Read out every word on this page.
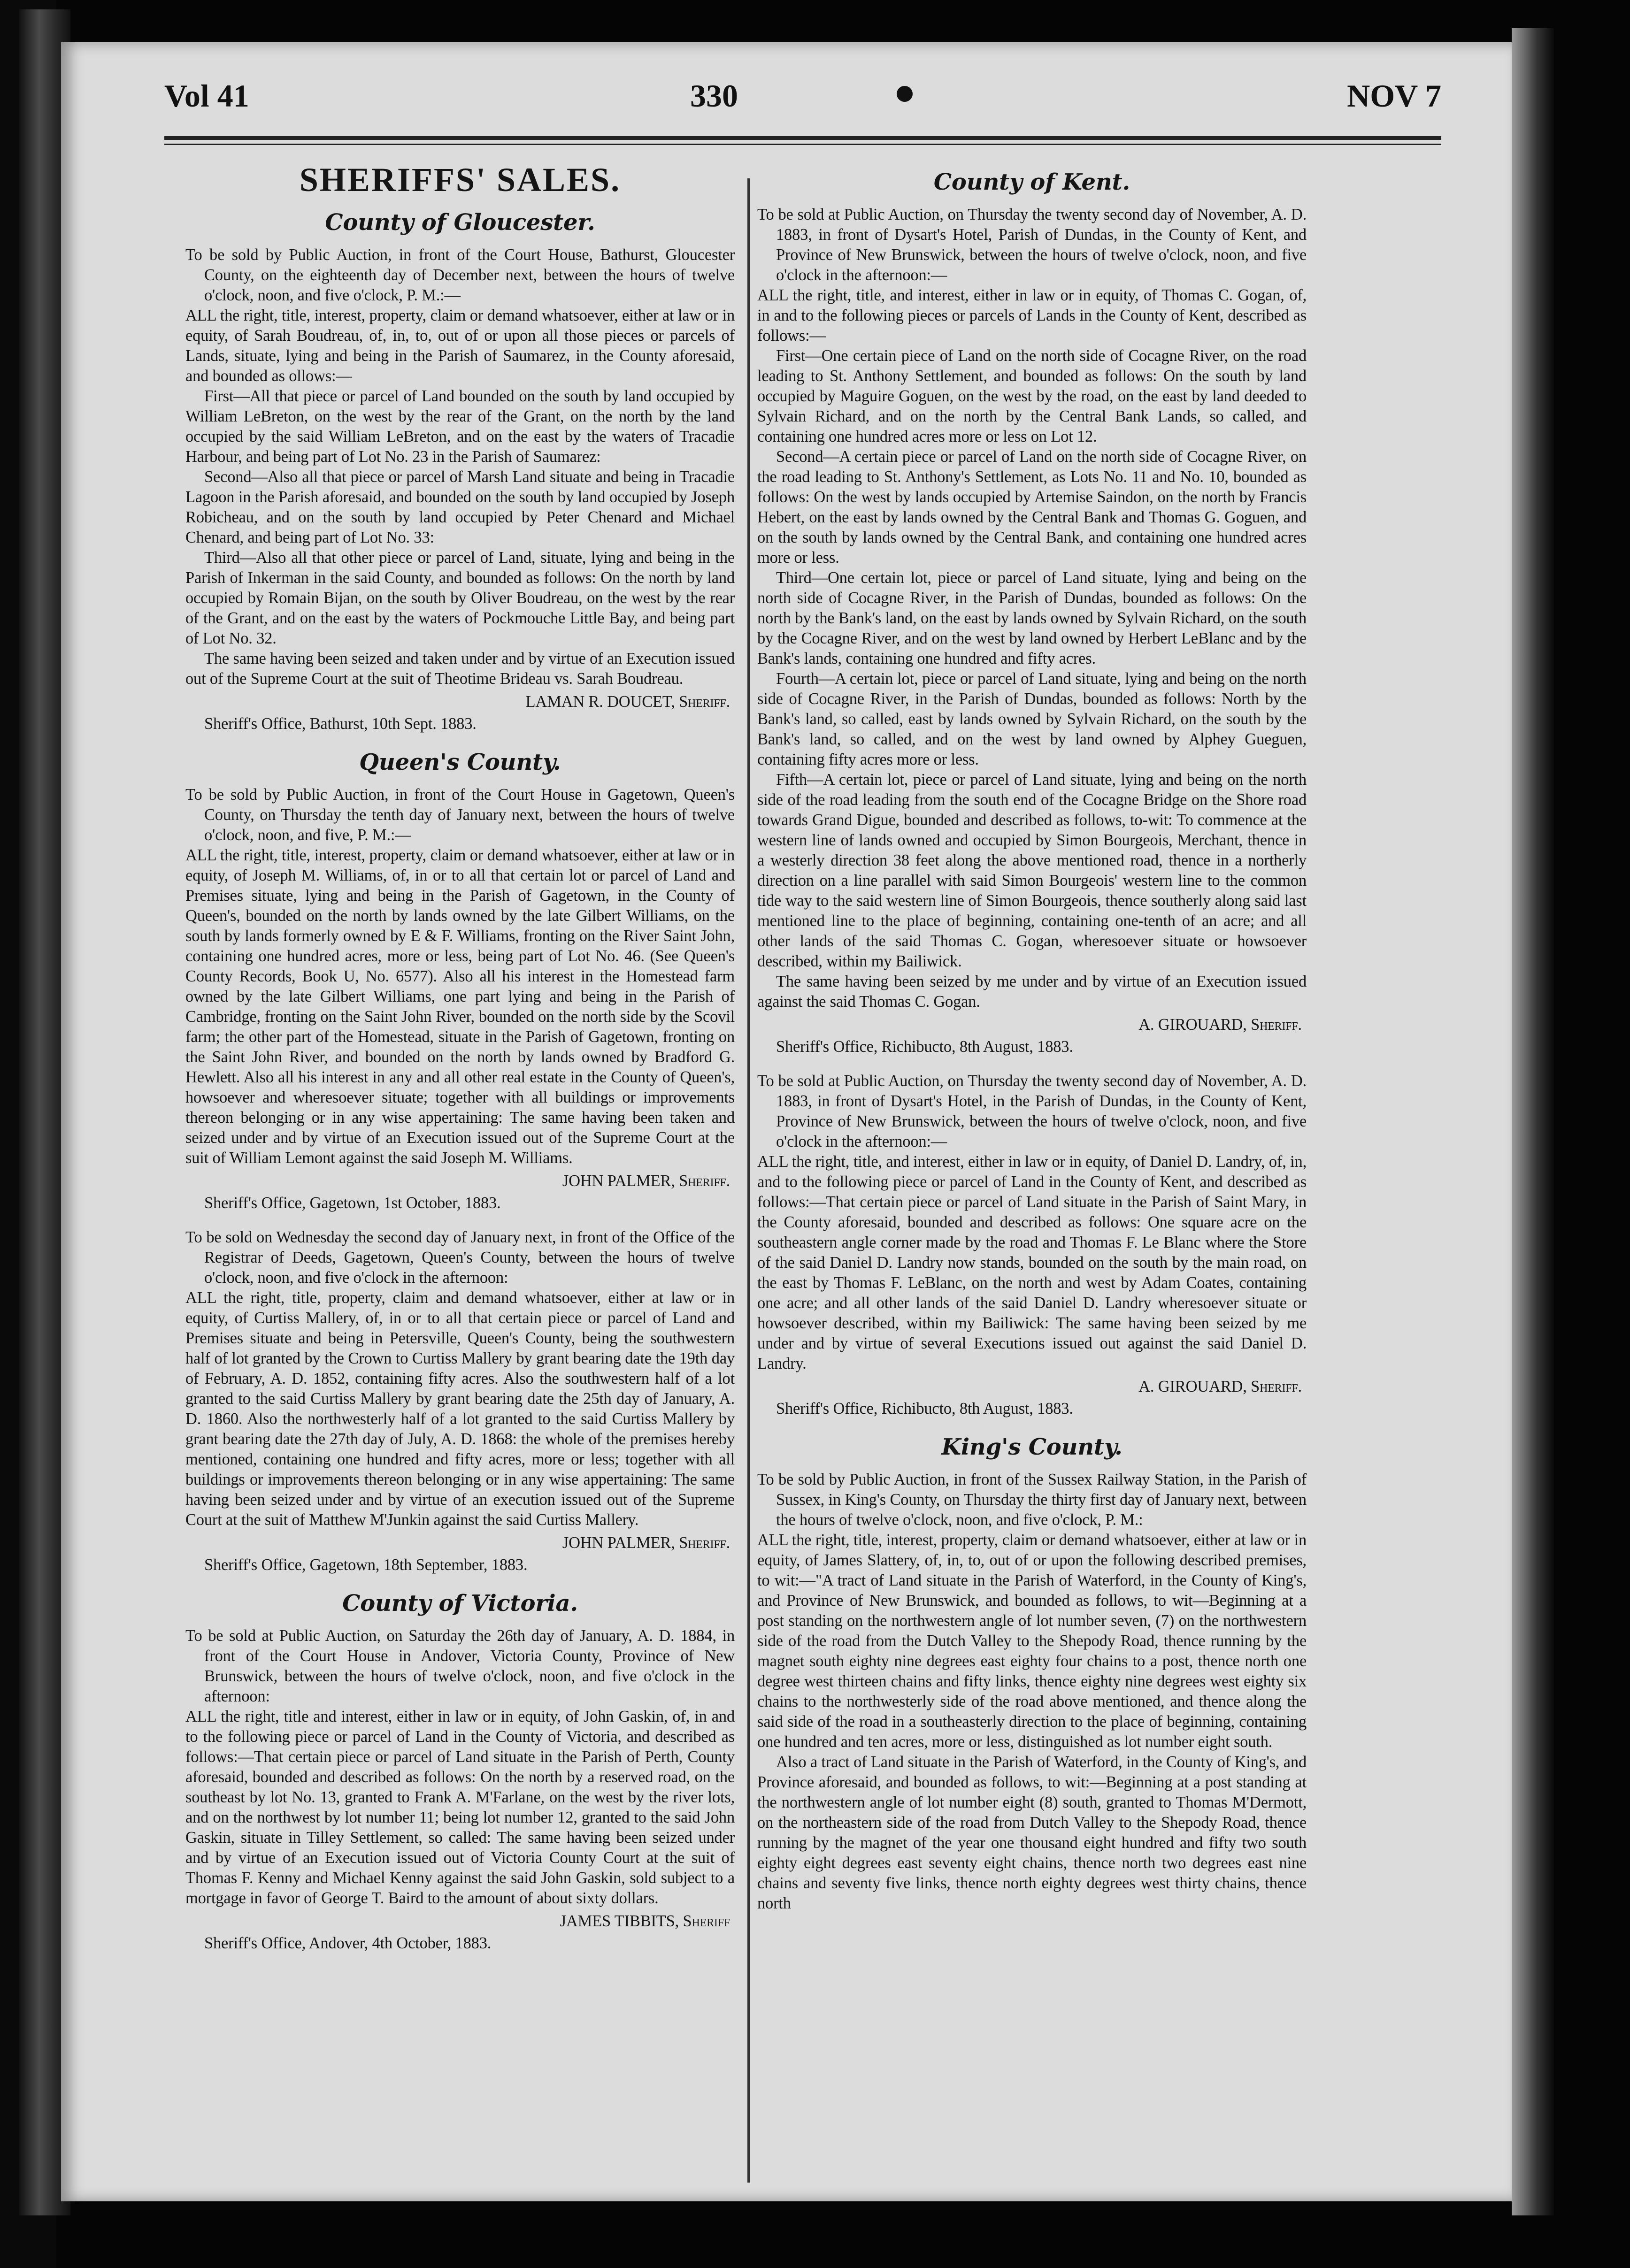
Vol 41	330	NOV 7
SHERIFFS' SALES.
County of Gloucester.

To be sold by Public Auction, in front of the Court House, Bathurst, Gloucester County, on the eighteenth day of December next, between the hours of twelve o'clock, noon, and five o'clock, P. M.:—

ALL the right, title, interest, property, claim or demand whatsoever, either at law or in equity, of Sarah Boudreau, of, in, to, out of or upon all those pieces or parcels of Lands, situate, lying and being in the Parish of Saumarez, in the County aforesaid, and bounded as ollows:—

First—All that piece or parcel of Land bounded on the south by land occupied by William LeBreton, on the west by the rear of the Grant, on the north by the land occupied by the said William LeBreton, and on the east by the waters of Tracadie Harbour, and being part of Lot No. 23 in the Parish of Saumarez:

Second—Also all that piece or parcel of Marsh Land situate and being in Tracadie Lagoon in the Parish aforesaid, and bounded on the south by land occupied by Joseph Robicheau, and on the south by land occupied by Peter Chenard and Michael Chenard, and being part of Lot No. 33:

Third—Also all that other piece or parcel of Land, situate, lying and being in the Parish of Inkerman in the said County, and bounded as follows: On the north by land occupied by Romain Bijan, on the south by Oliver Boudreau, on the west by the rear of the Grant, and on the east by the waters of Pockmouche Little Bay, and being part of Lot No. 32.

The same having been seized and taken under and by virtue of an Execution issued out of the Supreme Court at the suit of Theotime Brideau vs. Sarah Boudreau.

LAMAN R. DOUCET, Sheriff.

Sheriff's Office, Bathurst, 10th Sept. 1883.

Queen's County.

To be sold by Public Auction, in front of the Court House in Gagetown, Queen's County, on Thursday the tenth day of January next, between the hours of twelve o'clock, noon, and five, P. M.:—

ALL the right, title, interest, property, claim or demand whatsoever, either at law or in equity, of Joseph M. Williams, of, in or to all that certain lot or parcel of Land and Premises situate, lying and being in the Parish of Gagetown, in the County of Queen's, bounded on the north by lands owned by the late Gilbert Williams, on the south by lands formerly owned by E & F. Williams, fronting on the River Saint John, containing one hundred acres, more or less, being part of Lot No. 46. (See Queen's County Records, Book U, No. 6577). Also all his interest in the Homestead farm owned by the late Gilbert Williams, one part lying and being in the Parish of Cambridge, fronting on the Saint John River, bounded on the north side by the Scovil farm; the other part of the Homestead, situate in the Parish of Gagetown, fronting on the Saint John River, and bounded on the north by lands owned by Bradford G. Hewlett. Also all his interest in any and all other real estate in the County of Queen's, howsoever and wheresoever situate; together with all buildings or improvements thereon belonging or in any wise appertaining: The same having been taken and seized under and by virtue of an Execution issued out of the Supreme Court at the suit of William Lemont against the said Joseph M. Williams.

JOHN PALMER, Sheriff.

Sheriff's Office, Gagetown, 1st October, 1883.

To be sold on Wednesday the second day of January next, in front of the Office of the Registrar of Deeds, Gagetown, Queen's County, between the hours of twelve o'clock, noon, and five o'clock in the afternoon:

ALL the right, title, property, claim and demand whatsoever, either at law or in equity, of Curtiss Mallery, of, in or to all that certain piece or parcel of Land and Premises situate and being in Petersville, Queen's County, being the southwestern half of lot granted by the Crown to Curtiss Mallery by grant bearing date the 19th day of February, A. D. 1852, containing fifty acres. Also the southwestern half of a lot granted to the said Curtiss Mallery by grant bearing date the 25th day of January, A. D. 1860. Also the northwesterly half of a lot granted to the said Curtiss Mallery by grant bearing date the 27th day of July, A. D. 1868: the whole of the premises hereby mentioned, containing one hundred and fifty acres, more or less; together with all buildings or improvements thereon belonging or in any wise appertaining: The same having been seized under and by virtue of an execution issued out of the Supreme Court at the suit of Matthew M'Junkin against the said Curtiss Mallery.

JOHN PALMER, Sheriff.

Sheriff's Office, Gagetown, 18th September, 1883.

County of Victoria.

To be sold at Public Auction, on Saturday the 26th day of January, A. D. 1884, in front of the Court House in Andover, Victoria County, Province of New Brunswick, between the hours of twelve o'clock, noon, and five o'clock in the afternoon:

ALL the right, title and interest, either in law or in equity, of John Gaskin, of, in and to the following piece or parcel of Land in the County of Victoria, and described as follows:—That certain piece or parcel of Land situate in the Parish of Perth, County aforesaid, bounded and described as follows: On the north by a reserved road, on the southeast by lot No. 13, granted to Frank A. M'Farlane, on the west by the river lots, and on the northwest by lot number 11; being lot number 12, granted to the said John Gaskin, situate in Tilley Settlement, so called: The same having been seized under and by virtue of an Execution issued out of Victoria County Court at the suit of Thomas F. Kenny and Michael Kenny against the said John Gaskin, sold subject to a mortgage in favor of George T. Baird to the amount of about sixty dollars.

JAMES TIBBITS, Sheriff

Sheriff's Office, Andover, 4th October, 1883.

County of Kent.

To be sold at Public Auction, on Thursday the twenty second day of November, A. D. 1883, in front of Dysart's Hotel, Parish of Dundas, in the County of Kent, and Province of New Brunswick, between the hours of twelve o'clock, noon, and five o'clock in the afternoon:—

ALL the right, title, and interest, either in law or in equity, of Thomas C. Gogan, of, in and to the following pieces or parcels of Lands in the County of Kent, described as follows:—

First—One certain piece of Land on the north side of Cocagne River, on the road leading to St. Anthony Settlement, and bounded as follows: On the south by land occupied by Maguire Goguen, on the west by the road, on the east by land deeded to Sylvain Richard, and on the north by the Central Bank Lands, so called, and containing one hundred acres more or less on Lot 12.

Second—A certain piece or parcel of Land on the north side of Cocagne River, on the road leading to St. Anthony's Settlement, as Lots No. 11 and No. 10, bounded as follows: On the west by lands occupied by Artemise Saindon, on the north by Francis Hebert, on the east by lands owned by the Central Bank and Thomas G. Goguen, and on the south by lands owned by the Central Bank, and containing one hundred acres more or less.

Third—One certain lot, piece or parcel of Land situate, lying and being on the north side of Cocagne River, in the Parish of Dundas, bounded as follows: On the north by the Bank's land, on the east by lands owned by Sylvain Richard, on the south by the Cocagne River, and on the west by land owned by Herbert LeBlanc and by the Bank's lands, containing one hundred and fifty acres.

Fourth—A certain lot, piece or parcel of Land situate, lying and being on the north side of Cocagne River, in the Parish of Dundas, bounded as follows: North by the Bank's land, so called, east by lands owned by Sylvain Richard, on the south by the Bank's land, so called, and on the west by land owned by Alphey Gueguen, containing fifty acres more or less.

Fifth—A certain lot, piece or parcel of Land situate, lying and being on the north side of the road leading from the south end of the Cocagne Bridge on the Shore road towards Grand Digue, bounded and described as follows, to-wit: To commence at the western line of lands owned and occupied by Simon Bourgeois, Merchant, thence in a westerly direction 38 feet along the above mentioned road, thence in a northerly direction on a line parallel with said Simon Bourgeois' western line to the common tide way to the said western line of Simon Bourgeois, thence southerly along said last mentioned line to the place of beginning, containing one-tenth of an acre; and all other lands of the said Thomas C. Gogan, wheresoever situate or howsoever described, within my Bailiwick.

The same having been seized by me under and by virtue of an Execution issued against the said Thomas C. Gogan.

A. GIROUARD, Sheriff.

Sheriff's Office, Richibucto, 8th August, 1883.

To be sold at Public Auction, on Thursday the twenty second day of November, A. D. 1883, in front of Dysart's Hotel, in the Parish of Dundas, in the County of Kent, Province of New Brunswick, between the hours of twelve o'clock, noon, and five o'clock in the afternoon:—

ALL the right, title, and interest, either in law or in equity, of Daniel D. Landry, of, in, and to the following piece or parcel of Land in the County of Kent, and described as follows:—That certain piece or parcel of Land situate in the Parish of Saint Mary, in the County aforesaid, bounded and described as follows: One square acre on the southeastern angle corner made by the road and Thomas F. Le Blanc where the Store of the said Daniel D. Landry now stands, bounded on the south by the main road, on the east by Thomas F. LeBlanc, on the north and west by Adam Coates, containing one acre; and all other lands of the said Daniel D. Landry wheresoever situate or howsoever described, within my Bailiwick: The same having been seized by me under and by virtue of several Executions issued out against the said Daniel D. Landry.

A. GIROUARD, Sheriff.

Sheriff's Office, Richibucto, 8th August, 1883.

King's County.

To be sold by Public Auction, in front of the Sussex Railway Station, in the Parish of Sussex, in King's County, on Thursday the thirty first day of January next, between the hours of twelve o'clock, noon, and five o'clock, P. M.:

ALL the right, title, interest, property, claim or demand whatsoever, either at law or in equity, of James Slattery, of, in, to, out of or upon the following described premises, to wit:—"A tract of Land situate in the Parish of Waterford, in the County of King's, and Province of New Brunswick, and bounded as follows, to wit—Beginning at a post standing on the northwestern angle of lot number seven, (7) on the northwestern side of the road from the Dutch Valley to the Shepody Road, thence running by the magnet south eighty nine degrees east eighty four chains to a post, thence north one degree west thirteen chains and fifty links, thence eighty nine degrees west eighty six chains to the northwesterly side of the road above mentioned, and thence along the said side of the road in a southeasterly direction to the place of beginning, containing one hundred and ten acres, more or less, distinguished as lot number eight south.

Also a tract of Land situate in the Parish of Waterford, in the County of King's, and Province aforesaid, and bounded as follows, to wit:—Beginning at a post standing at the northwestern angle of lot number eight (8) south, granted to Thomas M'Dermott, on the northeastern side of the road from Dutch Valley to the Shepody Road, thence running by the magnet of the year one thousand eight hundred and fifty two south eighty eight degrees east seventy eight chains, thence north two degrees east nine chains and seventy five links, thence north eighty degrees west thirty chains, thence north
